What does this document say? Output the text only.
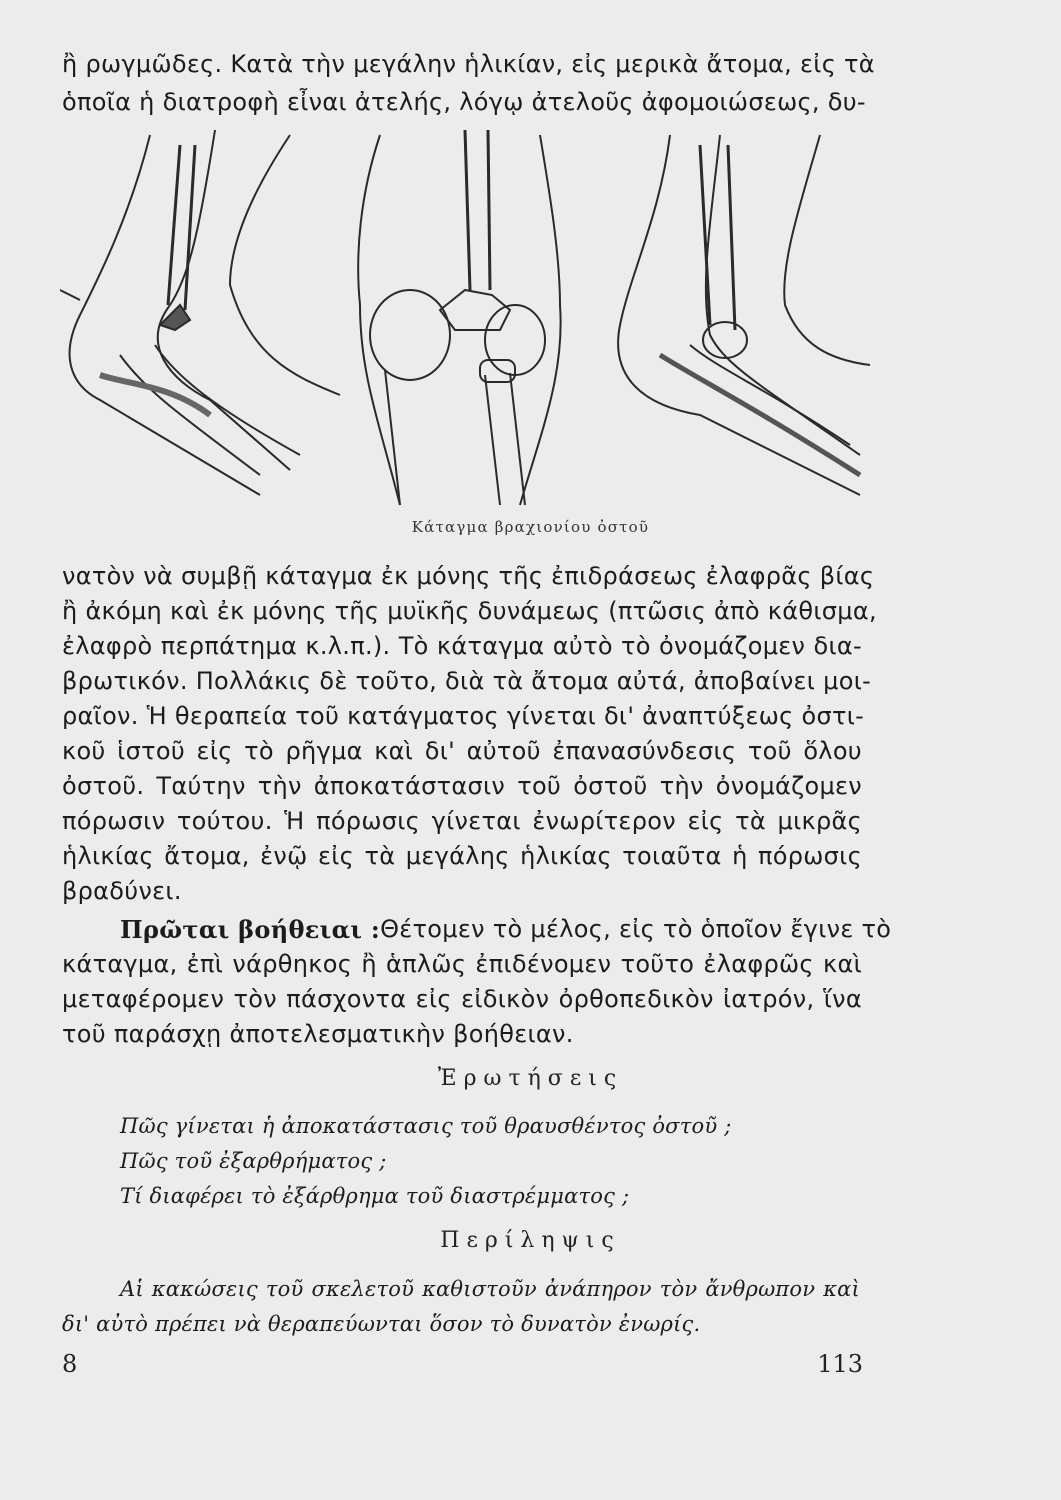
ἢ ρωγμῶδες. Κατὰ τὴν μεγάλην ἡλικίαν, εἰς μερικὰ ἄτομα, εἰς τὰ
ὁποῖα ἡ διατροφὴ εἶναι ἀτελής, λόγῳ ἀτελοῦς ἀφομοιώσεως, δυ-
Κάταγμα βραχιονίου ὀστοῦ
νατὸν νὰ συμβῇ κάταγμα ἐκ μόνης τῆς ἐπιδράσεως ἐλαφρᾶς βίας
ἢ ἀκόμη καὶ ἐκ μόνης τῆς μυϊκῆς δυνάμεως (πτῶσις ἀπὸ κάθισμα,
ἐλαφρὸ περπάτημα κ.λ.π.). Τὸ κάταγμα αὐτὸ τὸ ὀνομάζομεν δια-
βρωτικόν. Πολλάκις δὲ τοῦτο, διὰ τὰ ἄτομα αὐτά, ἀποβαίνει μοι-
ραῖον. Ἡ θεραπεία τοῦ κατάγματος γίνεται δι' ἀναπτύξεως ὀστι-
κοῦ ἱστοῦ εἰς τὸ ρῆγμα καὶ δι' αὐτοῦ ἐπανασύνδεσις τοῦ ὅλου
ὀστοῦ. Ταύτην τὴν ἀποκατάστασιν τοῦ ὀστοῦ τὴν ὀνομάζομεν
πόρωσιν τούτου. Ἡ πόρωσις γίνεται ἐνωρίτερον εἰς τὰ μικρᾶς
ἡλικίας ἄτομα, ἐνῷ εἰς τὰ μεγάλης ἡλικίας τοιαῦτα ἡ πόρωσις
βραδύνει.
Πρῶται βοήθειαι : Θέτομεν τὸ μέλος, εἰς τὸ ὁποῖον ἔγινε τὸ
κάταγμα, ἐπὶ νάρθηκος ἢ ἁπλῶς ἐπιδένομεν τοῦτο ἐλαφρῶς καὶ
μεταφέρομεν τὸν πάσχοντα εἰς εἰδικὸν ὀρθοπεδικὸν ἰατρόν, ἵνα
τοῦ παράσχῃ ἀποτελεσματικὴν βοήθειαν.
Ἐρωτήσεις
Πῶς γίνεται ἡ ἀποκατάστασις τοῦ θραυσθέντος ὀστοῦ ;
Πῶς τοῦ ἐξαρθρήματος ;
Τί διαφέρει τὸ ἐξάρθρημα τοῦ διαστρέμματος ;
Περίληψις
Αἱ κακώσεις τοῦ σκελετοῦ καθιστοῦν ἀνάπηρον τὸν ἄνθρωπον καὶ
δι' αὐτὸ πρέπει νὰ θεραπεύωνται ὅσον τὸ δυνατὸν ἐνωρίς.
8	113
